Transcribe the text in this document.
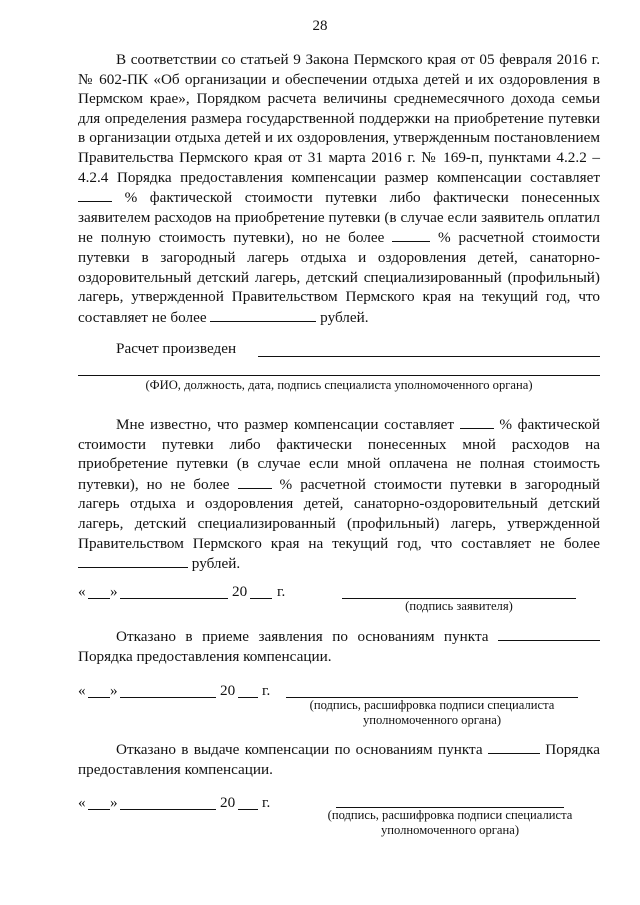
28
В соответствии со статьей 9 Закона Пермского края от 05 февраля 2016 г. № 602-ПК «Об организации и обеспечении отдыха детей и их оздоровления в Пермском крае», Порядком расчета величины среднемесячного дохода семьи для определения размера государственной поддержки на приобретение путевки в организации отдыха детей и их оздоровления, утвержденным постановлением Правительства Пермского края от 31 марта 2016 г. № 169-п, пунктами 4.2.2 – 4.2.4 Порядка предоставления компенсации размер компенсации составляет  % фактической стоимости путевки либо фактически понесенных заявителем расходов на приобретение путевки (в случае если заявитель оплатил не полную стоимость путевки), но не более	% расчетной стоимости путевки в загородный лагерь отдыха и оздоровления детей, санаторно-оздоровительный детский лагерь, детский специализированный (профильный) лагерь, утвержденной Правительством Пермского края на текущий год, что составляет не более	рублей.
Расчет произведен
(ФИО, должность, дата, подпись специалиста уполномоченного органа)
Мне известно, что размер компенсации составляет	% фактической стоимости путевки либо фактически понесенных мной расходов на приобретение путевки (в случае если мной оплачена не полная стоимость путевки), но не более	% расчетной стоимости путевки в загородный лагерь отдыха и оздоровления детей, санаторно-оздоровительный детский лагерь, детский специализированный (профильный) лагерь, утвержденной Правительством Пермского края на текущий год, что составляет не более  рублей.
« »	20 г.
(подпись заявителя)
Отказано в приеме заявления по основаниям пункта  Порядка предоставления компенсации.
« »	20 г.
(подпись, расшифровка подписи специалиста
уполномоченного органа)
Отказано в выдаче компенсации по основаниям пункта	Порядка предоставления компенсации.
« »	20 г.
(подпись, расшифровка подписи специалиста
уполномоченного органа)
